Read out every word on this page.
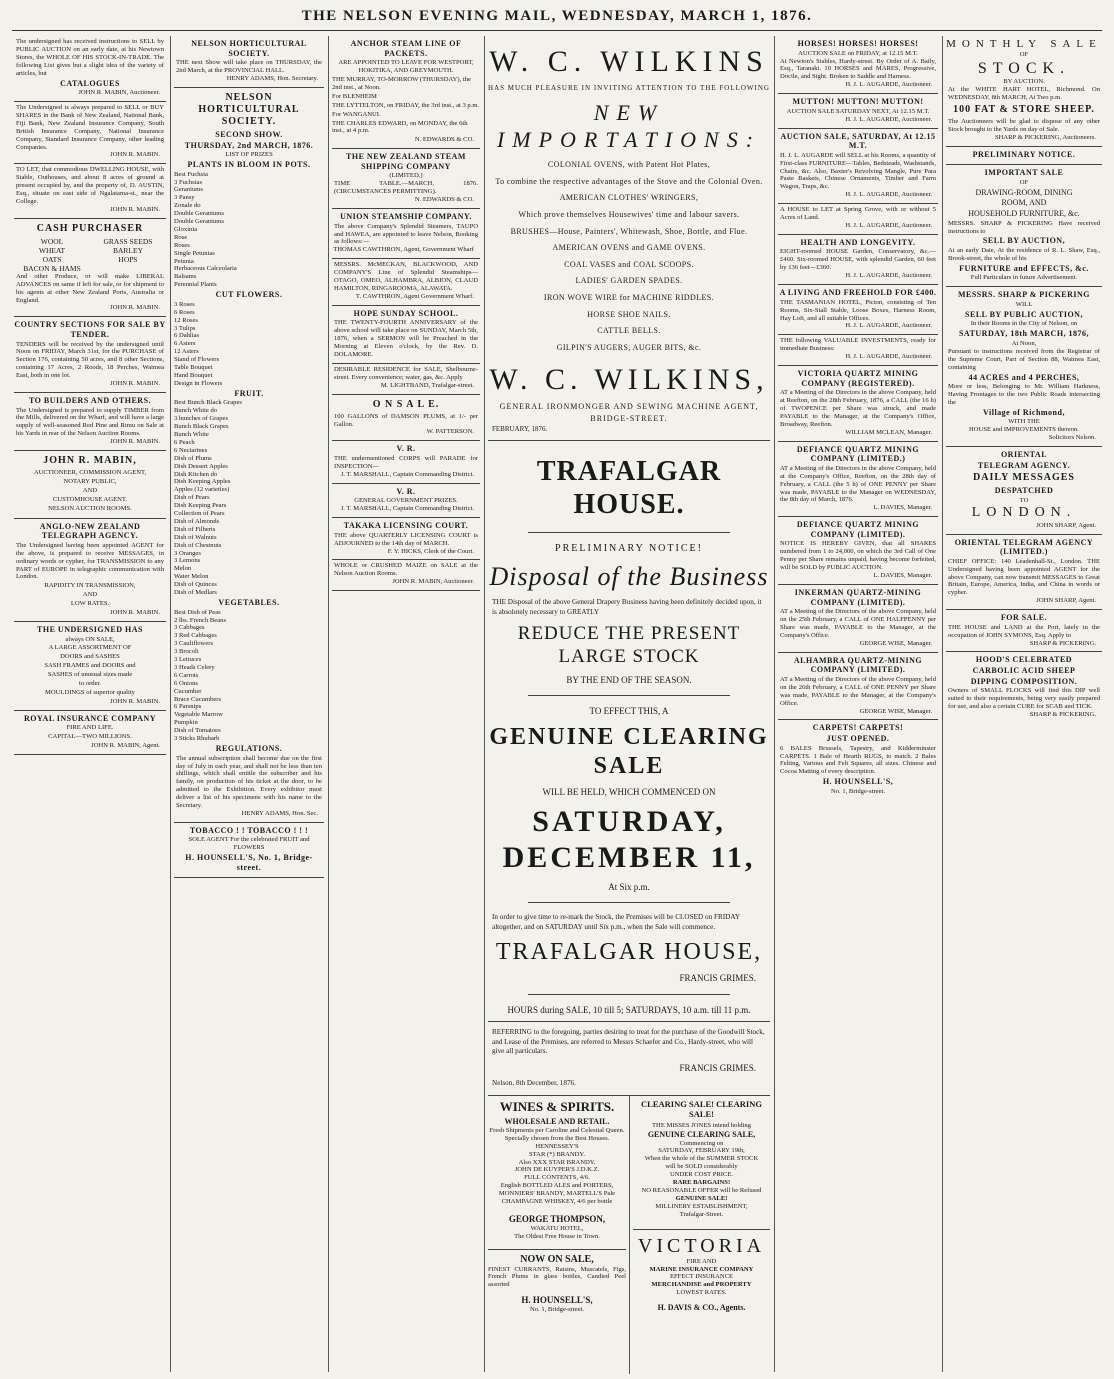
THE NELSON EVENING MAIL, WEDNESDAY, MARCH 1, 1876.
The undersigned has received instructions to SELL by PUBLIC AUCTION on an early date, at his Newtown Stores, the WHOLE OF HIS STOCK-IN-TRADE. The following List gives but a slight idea of the variety of articles, but
CATALOGUES
JOHN R. MABIN, Auctioneer.
The Undersigned is always prepared to SELL or BUY SHARES in the Bank of New Zealand, National Bank, Fiji Bank, New Zealand Insurance Company, South British Insurance Company, National Insurance Company, Standard Insurance Company, other leading Companies.
JOHN R. MABIN.
TO LET, that commodious DWELLING HOUSE, with Stable, Outhouses, and about 8 acres of ground at present occupied by, and the property of, D. AUSTIN, Esq., situate on east side of Ngalatama-st., near the College.
JOHN R. MABIN.
CASH PURCHASER
WOOL	GRASS SEEDS
WHEAT	BARLEY
OATS	HOPS
BACON & HAMS
And other Produce, or will make LIBERAL ADVANCES on same if left for sale, or for shipment to his agents at other New Zealand Ports, Australia or England.
JOHN R. MABIN.
COUNTRY SECTIONS FOR SALE BY TENDER.
TENDERS will be received by the undersigned until Noon on FRIDAY, March 31st, for the PURCHASE of Section 176, containing 50 acres, and 8 other Sections, containing 17 Acres, 2 Roods, 18 Perches, Waimea East, both in one lot.
JOHN R. MABIN.
TO BUILDERS AND OTHERS.
The Undersigned is prepared to supply TIMBER from the Mills, delivered on the Wharf, and will have a large supply of well-seasoned Red Pine and Rimu on Sale at his Yards in rear of the Nelson Auction Rooms.
JOHN R. MABIN.
JOHN R. MABIN,
AUCTIONEER, COMMISSION AGENT,
NOTARY PUBLIC,
AND
CUSTOMHOUSE AGENT.
NELSON AUCTION ROOMS.
ANGLO-NEW ZEALAND TELEGRAPH AGENCY.
The Undersigned having been appointed AGENT for the above, is prepared to receive MESSAGES, in ordinary words or cypher, for TRANSMISSION to any PART of EUROPE in telegraphic communication with London.
RAPIDITY IN TRANSMISSION,
AND
LOW RATES.
JOHN R. MABIN.
THE UNDERSIGNED HAS
always ON SALE,
A LARGE ASSORTMENT OF
DOORS and SASHES
SASH FRAMES and DOORS and
SASHES of unusual sizes made
to order.
MOULDINGS of superior quality
JOHN R. MABIN.
ROYAL INSURANCE COMPANY
FIRE AND LIFE.
CAPITAL—TWO MILLIONS.
JOHN R. MABIN, Agent.
NELSON HORTICULTURAL SOCIETY.
THE next Show will take place on THURSDAY, the 2nd March, at the PROVINCIAL HALL.
HENRY ADAMS, Hon. Secretary.
NELSON HORTICULTURAL SOCIETY.
SECOND SHOW.
THURSDAY, 2nd MARCH, 1876.
LIST OF PRIZES
PLANTS IN BLOOM IN POTS.
Best Fuchsia
3 Fuchsias
Geraniums
3 Pansy
Zonale do
Double Geraniums
Double Geraniums
Gloxinia
Rose
Roses
Single Petunias
Petunia
Herbaceous Calceolaria
Balsams
Perennial Plants
CUT FLOWERS.
3 Roses
6 Roses
12 Roses
3 Tulips
6 Dahlias
6 Asters
12 Asters
Stand of Flowers
Table Bouquet
Hand Bouquet
Design in Flowers
FRUIT.
Best Bunch Black Grapes
Bunch White do
3 bunches of Grapes
Bunch Black Grapes
Bunch White
6 Peach
6 Nectarines
Dish of Plums
Dish Dessert Apples
Dish Kitchen do
Dish Keeping Apples
Apples (12 varieties)
Dish of Pears
Dish Keeping Pears
Collection of Pears
Dish of Almonds
Dish of Filberts
Dish of Walnuts
Dish of Chestnuts
3 Oranges
3 Lemons
Melon
Water Melon
Dish of Quinces
Dish of Medlars
VEGETABLES.
Best Dish of Peas
2 lbs. French Beans
3 Cabbages
3 Red Cabbages
3 Cauliflowers
3 Brocoli
3 Lettuces
3 Heads Celery
6 Carrots
6 Onions
Cucumber
Brace Cucumbers
6 Parsnips
Vegetable Marrow
Pumpkin
Dish of Tomatoes
3 Sticks Rhubarb
REGULATIONS.
The annual subscription shall become due on the first day of July in each year, and shall not be less than ten shillings, which shall entitle the subscriber and his family, on production of his ticket at the door, to be admitted to the Exhibition. Every exhibitor must deliver a list of his specimens with his name to the Secretary.
HENRY ADAMS, Hon. Sec.
TOBACCO ! ! TOBACCO ! ! !
SOLE AGENT For the celebrated FRUIT and FLOWERS
H. HOUNSELL'S, No. 1, Bridge-street.
ANCHOR STEAM LINE OF PACKETS.
ARE APPOINTED TO LEAVE FOR WESTPORT, HOKITIKA, AND GREYMOUTH.
THE MURRAY, TO-MORROW (THURSDAY), the 2nd inst., at Noon.
For BLENHEIM
THE LYTTELTON, on FRIDAY, the 3rd inst., at 3 p.m.
For WANGANUI.
THE CHARLES EDWARD, on MONDAY, the 6th inst., at 4 p.m.
N. EDWARDS & CO.
THE NEW ZEALAND STEAM SHIPPING COMPANY
(LIMITED.)
TIME TABLE.—MARCH, 1876. (CIRCUMSTANCES PERMITTING).
N. EDWARDS & CO.
UNION STEAMSHIP COMPANY.
The above Company's Splendid Steamers, TAUPO and HAWEA, are appointed to leave Nelson, Booking as follows:—
THOMAS CAWTHRON, Agent, Government Wharf
MESSRS. McMECKAN, BLACKWOOD, AND COMPANY'S Line of Splendid Steamships—OTAGO, OMEO, ALHAMBRA, ALBION, CLAUD HAMILTON, RINGAROOMA, ALAWATA.
T. CAWTHRON, Agent Government Wharf.
HOPE SUNDAY SCHOOL.
THE TWENTY-FOURTH ANNIVERSARY of the above school will take place on SUNDAY, March 5th, 1876, when a SERMON will be Preached in the Morning at Eleven o'clock, by the Rev. D. DOLAMORE.
DESIRABLE RESIDENCE for SALE, Shelbourne-street. Every convenience; water, gas, &c. Apply
M. LIGHTBAND, Trafalgar-street.
O N S A L E.
100 GALLONS of DAMSON PLUMS, at 1/- per Gallon.
W. PATTERSON.
V. R.
THE undermentioned CORPS will PARADE for INSPECTION—
J. T. MARSHALL, Captain Commanding District.
V. R.
GENERAL GOVERNMENT PRIZES.
J. T. MARSHALL, Captain Commanding District.
TAKAKA LICENSING COURT.
THE above QUARTERLY LICENSING COURT is ADJOURNED to the 14th day of MARCH.
F. Y. HICKS, Clerk of the Court.
WHOLE or CRUSHED MAIZE on SALE at the Nelson Auction Rooms.
JOHN R. MABIN, Auctioneer.
W. C. WILKINS
HAS MUCH PLEASURE IN INVITING ATTENTION TO THE FOLLOWING
NEW IMPORTATIONS:
COLONIAL OVENS, with Patent Hot Plates,
To combine the respective advantages of the Stove and the Colonial Oven.
AMERICAN CLOTHES' WRINGERS,
Which prove themselves Housewives' time and labour savers.
BRUSHES—House, Painters', Whitewash, Shoe, Bottle, and Flue.
AMERICAN OVENS and GAME OVENS.
COAL VASES and COAL SCOOPS.
LADIES' GARDEN SPADES.
IRON WOVE WIRE for MACHINE RIDDLES.
HORSE SHOE NAILS.
CATTLE BELLS.
GILPIN'S AUGERS, AUGER BITS, &c.
W. C. WILKINS,
GENERAL IRONMONGER AND SEWING MACHINE AGENT,
BRIDGE-STREET.
FEBRUARY, 1876.
TRAFALGAR HOUSE.
PRELIMINARY NOTICE!
Disposal of the Business
THE Disposal of the above General Drapery Business having been definitely decided upon, it is absolutely necessary to GREATLY
REDUCE THE PRESENT LARGE STOCK
BY THE END OF THE SEASON.
TO EFFECT THIS, A
GENUINE CLEARING SALE
WILL BE HELD, WHICH COMMENCED ON
SATURDAY, DECEMBER 11,
At Six p.m.
In order to give time to re-mark the Stock, the Premises will be CLOSED on FRIDAY altogether, and on SATURDAY until Six p.m., when the Sale will commence.
TRAFALGAR HOUSE,
FRANCIS GRIMES.
HOURS during SALE, 10 till 5; SATURDAYS, 10 a.m. till 11 p.m.
REFERRING to the foregoing, parties desiring to treat for the purchase of the Goodwill Stock, and Lease of the Premises, are referred to Messrs Schaefer and Co., Hardy-street, who will give all particulars.
FRANCIS GRIMES.
Nelson, 8th December, 1876.
WINES & SPIRITS.
WHOLESALE AND RETAIL.
Fresh Shipments per Caroline and Celestial Queen.
Specially chosen from the Best Houses.
HENNESSEY'S
STAR (*) BRANDY.
Also XXX STAR BRANDY.
JOHN DE KUYPER'S J.D.K.Z.
FULL CONTENTS, 4/6.
English BOTTLED ALES and PORTERS,
MONNIERS' BRANDY, MARTELL'S Pale
CHAMPAGNE WHISKEY, 4/6 per bottle
GEORGE THOMPSON,
WAKATU HOTEL,
The Oldest Free House in Town.
NOW ON SALE,
FINEST CURRANTS, Raisins, Muscatels, Figs, French Plums in glass bottles, Candied Peel assorted
H. HOUNSELL'S,
No. 1, Bridge-street.
CLEARING SALE! CLEARING SALE!
THE MISSES JONES intend holding
GENUINE CLEARING SALE,
Commencing on
SATURDAY, FEBRUARY 19th,
When the whole of the SUMMER STOCK
will be SOLD considerably
UNDER COST PRICE.
RARE BARGAINS!
NO REASONABLE OFFER will be Refused
GENUINE SALE!
MILLINERY ESTABLISHMENT,
Trafalgar-Street.
VICTORIA
FIRE AND
MARINE INSURANCE COMPANY
EFFECT INSURANCE
MERCHANDISE and PROPERTY
LOWEST RATES.
H. DAVIS & CO., Agents.
HORSES! HORSES! HORSES!
AUCTION SALE on FRIDAY, at 12.15 M.T.
At Newton's Stables, Hardy-street. By Order of A. Baily, Esq., Taranaki. 10 HORSES and MARES, Progressive, Docile, and Sight. Broken to Saddle and Harness.
H. J. L. AUGARDE, Auctioneer.
MUTTON! MUTTON! MUTTON!
AUCTION SALE SATURDAY NEXT, At 12.15 M.T.
H. J. L. AUGARDE, Auctioneer.
AUCTION SALE, SATURDAY, At 12.15 M.T.
H. J. L. AUGARDE will SELL at his Rooms, a quantity of First-class FURNITURE—Tables, Bedsteads, Washstands, Chairs, &c. Also, Baxter's Revolving Mangle, Pure Para Paste Baskets, Chinese Ornaments, Timber and Farm Wagon, Traps, &c.
H. J. L. AUGARDE, Auctioneer.
A HOUSE to LET at Spring Grove, with or without 5 Acres of Land.
H. J. L. AUGARDE, Auctioneer.
HEALTH AND LONGEVITY.
EIGHT-roomed HOUSE Garden, Conservatory, &c.—£460. Six-roomed HOUSE, with splendid Garden, 60 feet by 136 feet—£360.
H. J. L. AUGARDE, Auctioneer.
A LIVING AND FREEHOLD FOR £400.
THE TASMANIAN HOTEL, Picton, consisting of Ten Rooms, Six-Stall Stable, Loose Boxes, Harness Room, Hay Loft, and all suitable Offices.
H. J. L. AUGARDE, Auctioneer.
THE following VALUABLE INVESTMENTS, ready for immediate Business:
H. J. L. AUGARDE, Auctioneer.
VICTORIA QUARTZ MINING COMPANY (REGISTERED).
AT a Meeting of the Directors in the above Company, held at Reefton, on the 28th February, 1876, a CALL (the 16 h) of TWOPENCE per Share was struck, and made PAYABLE to the Manager, at the Company's Office, Broadway, Reefton.
WILLIAM MCLEAN, Manager.
DEFIANCE QUARTZ MINING COMPANY (LIMITED.)
AT a Meeting of the Directors in the above Company, held at the Company's Office, Reefton, on the 28th day of February, a CALL (the 5 h) of ONE PENNY per Share was made, PAYABLE to the Manager on WEDNESDAY, the 8th day of March, 1876.
L. DAVIES, Manager.
DEFIANCE QUARTZ MINING COMPANY (LIMITED).
NOTICE IS HEREBY GIVEN, that all SHARES numbered from 1 to 24,000, on which the 3rd Call of One Penny per Share remains unpaid, having become forfeited, will be SOLD by PUBLIC AUCTION.
L. DAVIES, Manager.
INKERMAN QUARTZ-MINING COMPANY (LIMITED).
AT a Meeting of the Directors of the above Company, held on the 25th February, a CALL of ONE HALFPENNY per Share was made, PAYABLE to the Manager, at the Company's Office.
GEORGE WISE, Manager.
ALHAMBRA QUARTZ-MINING COMPANY (LIMITED).
AT a Meeting of the Directors of the above Company, held on the 26th February, a CALL of ONE PENNY per Share was made, PAYABLE to the Manager, at the Company's Office.
GEORGE WISE, Manager.
CARPETS! CARPETS!
JUST OPENED.
6 BALES Brussels, Tapestry, and Kidderminster CARPETS. 1 Bale of Hearth RUGS, to match. 2 Bales Felting, Various and Felt Squares, all sizes. Chinese and Cocoa Matting of every description.
H. HOUNSELL'S,
No. 1, Bridge-street.
MONTHLY SALE
OF
STOCK.
BY AUCTION.
At the WHITE HART HOTEL, Richmond. On WEDNESDAY, 8th MARCH, At Two p.m.
100 FAT & STORE SHEEP.
The Auctioneers will be glad to dispose of any other Stock brought to the Yards on day of Sale.
SHARP & PICKERING, Auctioneers.
PRELIMINARY NOTICE.
IMPORTANT SALE
OF
DRAWING-ROOM, DINING
ROOM, AND
HOUSEHOLD FURNITURE, &c.
MESSRS. SHARP & PICKERING Have received instructions to
SELL BY AUCTION,
At an early Date, At the residence of R. L. Shaw, Esq., Brook-street, the whole of his
FURNITURE and EFFECTS, &c.
Full Particulars in future Advertisement.
MESSRS. SHARP & PICKERING
WILL
SELL BY PUBLIC AUCTION,
In their Rooms in the City of Nelson, on
SATURDAY, 18th MARCH, 1876,
At Noon,
Pursuant to instructions received from the Registrar of the Supreme Court, Part of Section 88, Waimea East, containing
44 ACRES and 4 PERCHES,
More or less, Belonging to Mr. William Harkness, Having Frontages to the two Public Roads intersecting the
Village of Richmond,
WITH THE
HOUSE and IMPROVEMENTS thereon.
Solicitors Nelson.
ORIENTAL
TELEGRAM AGENCY.
DAILY MESSAGES
DESPATCHED
TO
LONDON.
JOHN SHARP, Agent.
ORIENTAL TELEGRAM AGENCY (LIMITED.)
CHIEF OFFICE: 140 Leadenhall-St., London. THE Undersigned having been appointed AGENT for the above Company, can now transmit MESSAGES to Great Britain, Europe, America, India, and China in words or cypher.
JOHN SHARP, Agent.
FOR SALE.
THE HOUSE and LAND at the Port, lately in the occupation of JOHN SYMONS, Esq. Apply to
SHARP & PICKERING.
HOOD'S CELEBRATED
CARBOLIC ACID SHEEP
DIPPING COMPOSITION.
Owners of SMALL FLOCKS will find this DIP well suited to their requirements, being very easily prepared for use, and also a certain CURE for SCAB and TICK.
SHARP & PICKERING.
